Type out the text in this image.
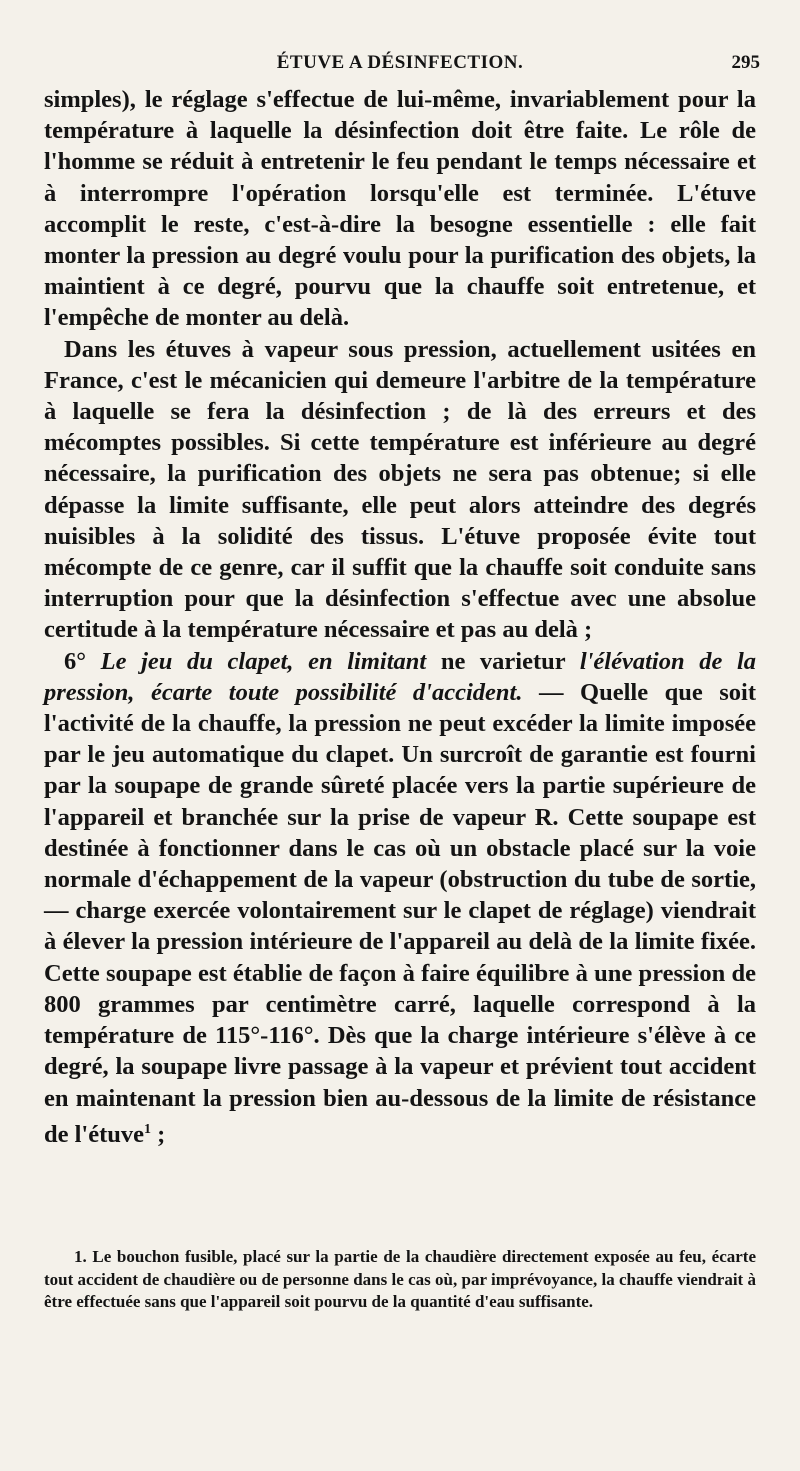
ÉTUVE A DÉSINFECTION.	295

simples), le réglage s'effectue de lui-même, invariablement pour la température à laquelle la désinfection doit être faite. Le rôle de l'homme se réduit à entretenir le feu pendant le temps nécessaire et à interrompre l'opération lorsqu'elle est terminée. L'étuve accomplit le reste, c'est-à-dire la besogne essentielle : elle fait monter la pression au degré voulu pour la purification des objets, la maintient à ce degré, pourvu que la chauffe soit entretenue, et l'empêche de monter au delà.

Dans les étuves à vapeur sous pression, actuellement usitées en France, c'est le mécanicien qui demeure l'arbitre de la température à laquelle se fera la désinfection ; de là des erreurs et des mécomptes possibles. Si cette température est inférieure au degré nécessaire, la purification des objets ne sera pas obtenue; si elle dépasse la limite suffisante, elle peut alors atteindre des degrés nuisibles à la solidité des tissus. L'étuve proposée évite tout mécompte de ce genre, car il suffit que la chauffe soit conduite sans interruption pour que la désinfection s'effectue avec une absolue certitude à la température nécessaire et pas au delà ;

6° Le jeu du clapet, en limitant ne varietur l'élévation de la pression, écarte toute possibilité d'accident. — Quelle que soit l'activité de la chauffe, la pression ne peut excéder la limite imposée par le jeu automatique du clapet. Un surcroît de garantie est fourni par la soupape de grande sûreté placée vers la partie supérieure de l'appareil et branchée sur la prise de vapeur R. Cette soupape est destinée à fonctionner dans le cas où un obstacle placé sur la voie normale d'échappement de la vapeur (obstruction du tube de sortie, — charge exercée volontairement sur le clapet de réglage) viendrait à élever la pression intérieure de l'appareil au delà de la limite fixée. Cette soupape est établie de façon à faire équilibre à une pression de 800 grammes par centimètre carré, laquelle correspond à la température de 115°-116°. Dès que la charge intérieure s'élève à ce degré, la soupape livre passage à la vapeur et prévient tout accident en maintenant la pression bien au-dessous de la limite de résistance de l'étuve$^1$ ;

1. Le bouchon fusible, placé sur la partie de la chaudière directement exposée au feu, écarte tout accident de chaudière ou de personne dans le cas où, par imprévoyance, la chauffe viendrait à être effectuée sans que l'appareil soit pourvu de la quantité d'eau suffisante.
